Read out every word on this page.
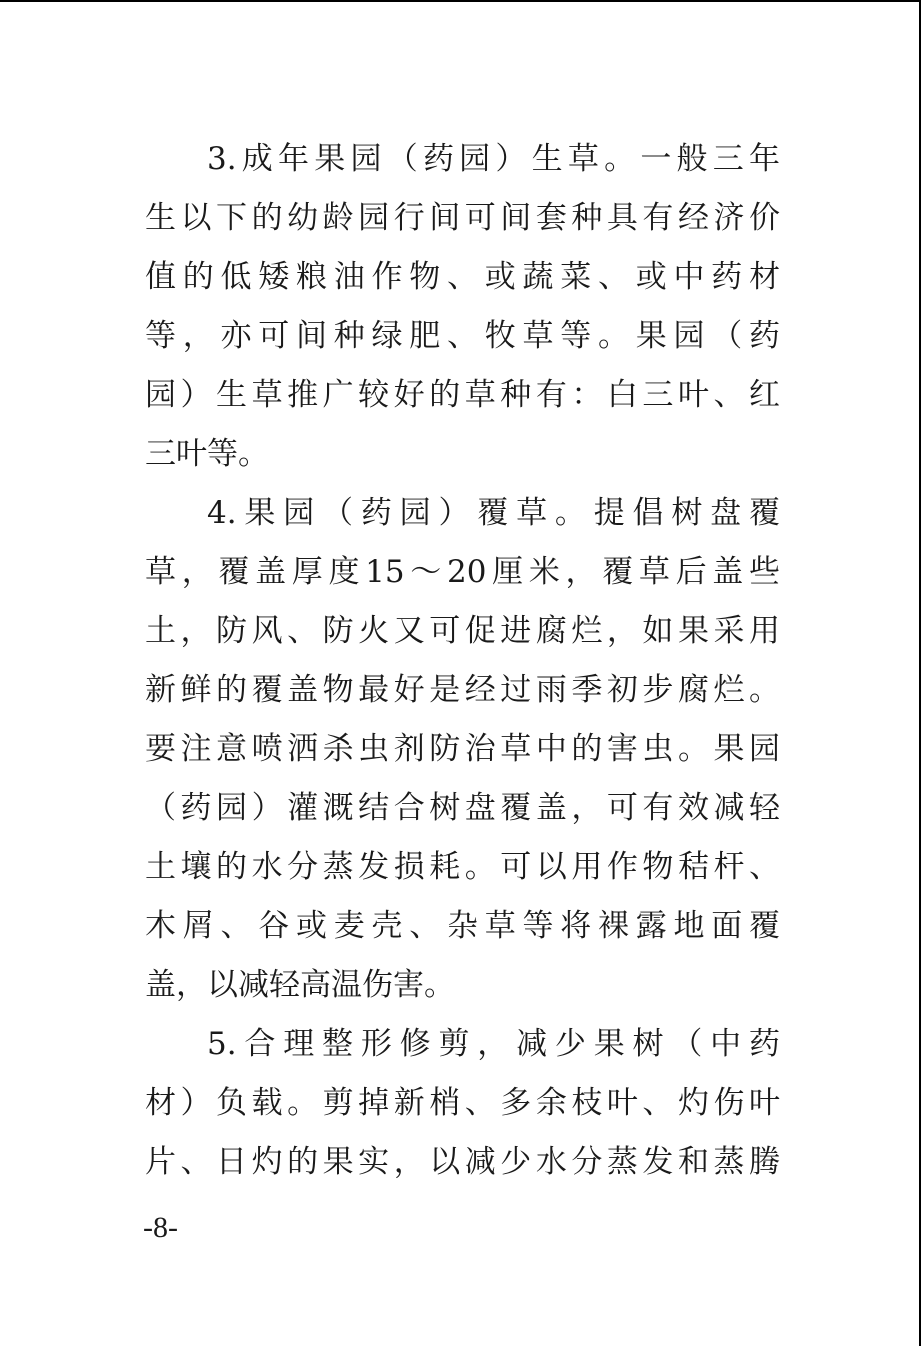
3.成年果园（药园）生草。一般三年
生以下的幼龄园行间可间套种具有经济价
值的低矮粮油作物、或蔬菜、或中药材
等，亦可间种绿肥、牧草等。果园（药
园）生草推广较好的草种有：白三叶、红
三叶等。
4.果园（药园）覆草。提倡树盘覆
草，覆盖厚度15～20厘米，覆草后盖些
土，防风、防火又可促进腐烂，如果采用
新鲜的覆盖物最好是经过雨季初步腐烂。
要注意喷洒杀虫剂防治草中的害虫。果园
（药园）灌溉结合树盘覆盖，可有效减轻
土壤的水分蒸发损耗。可以用作物秸杆、
木屑、谷或麦壳、杂草等将裸露地面覆
盖，以减轻高温伤害。
5.合理整形修剪，减少果树（中药
材）负载。剪掉新梢、多余枝叶、灼伤叶
片、日灼的果实，以减少水分蒸发和蒸腾
-8-
